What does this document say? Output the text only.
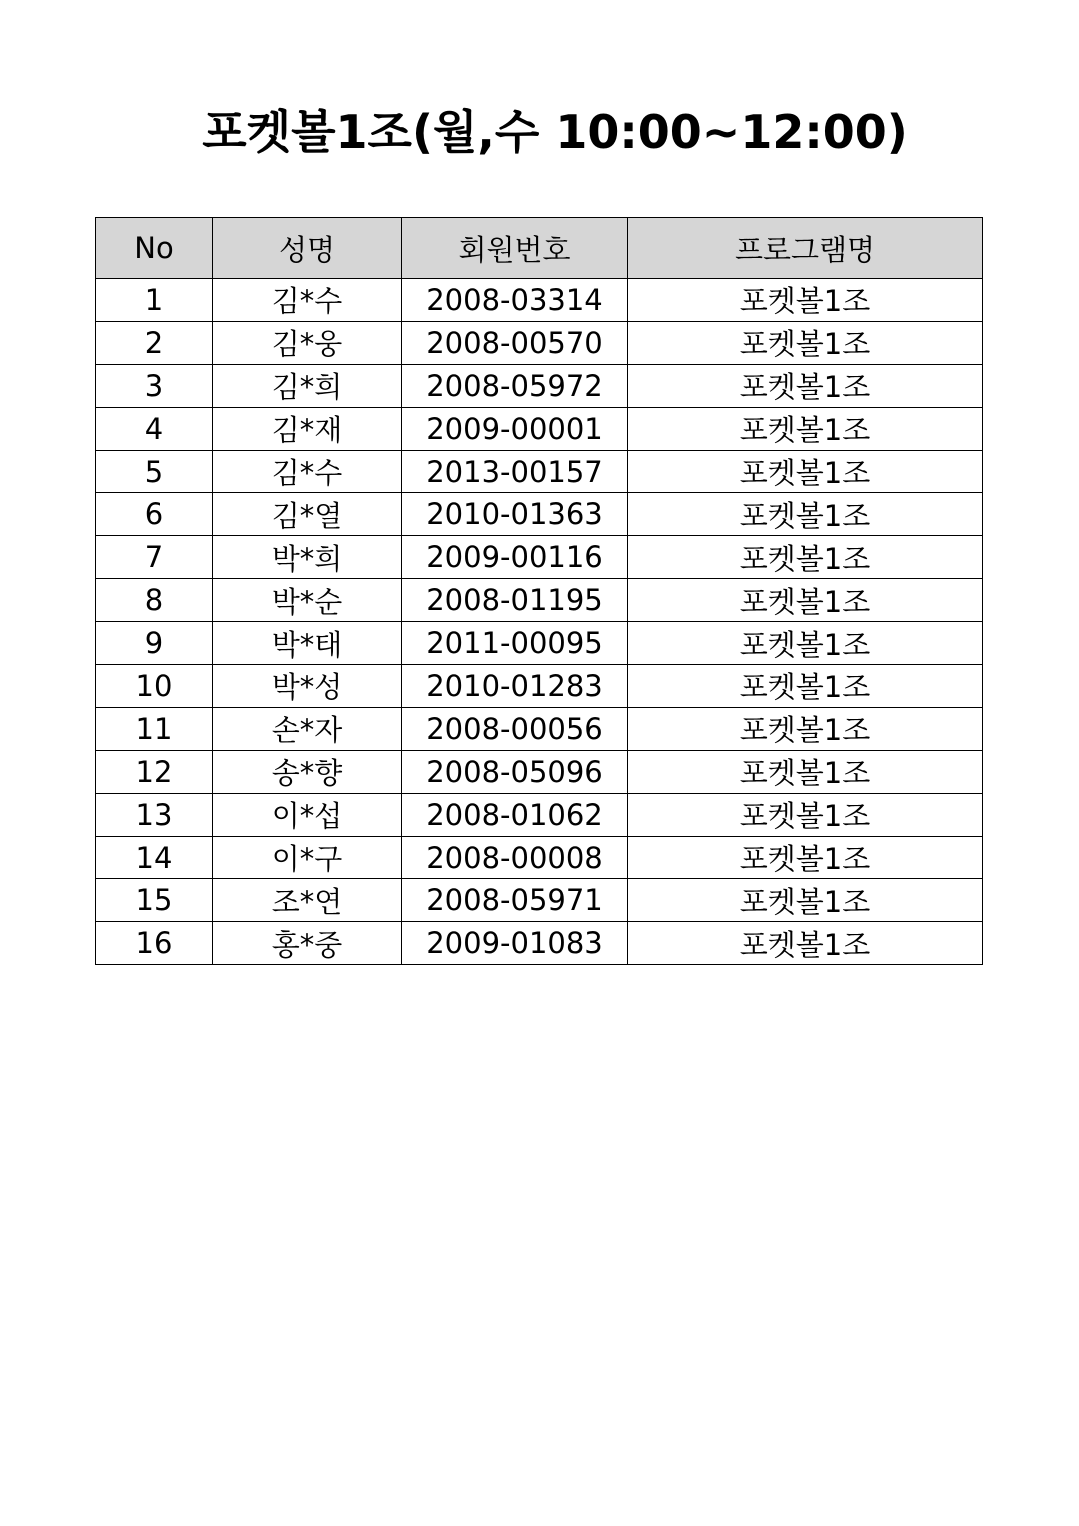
포켓볼1조(월,수 10:00~12:00)
No	성명	회원번호	프로그램명
1	김*수	2008-03314	포켓볼1조
2	김*웅	2008-00570	포켓볼1조
3	김*희	2008-05972	포켓볼1조
4	김*재	2009-00001	포켓볼1조
5	김*수	2013-00157	포켓볼1조
6	김*열	2010-01363	포켓볼1조
7	박*희	2009-00116	포켓볼1조
8	박*순	2008-01195	포켓볼1조
9	박*태	2011-00095	포켓볼1조
10	박*성	2010-01283	포켓볼1조
11	손*자	2008-00056	포켓볼1조
12	송*향	2008-05096	포켓볼1조
13	이*섭	2008-01062	포켓볼1조
14	이*구	2008-00008	포켓볼1조
15	조*연	2008-05971	포켓볼1조
16	홍*중	2009-01083	포켓볼1조
